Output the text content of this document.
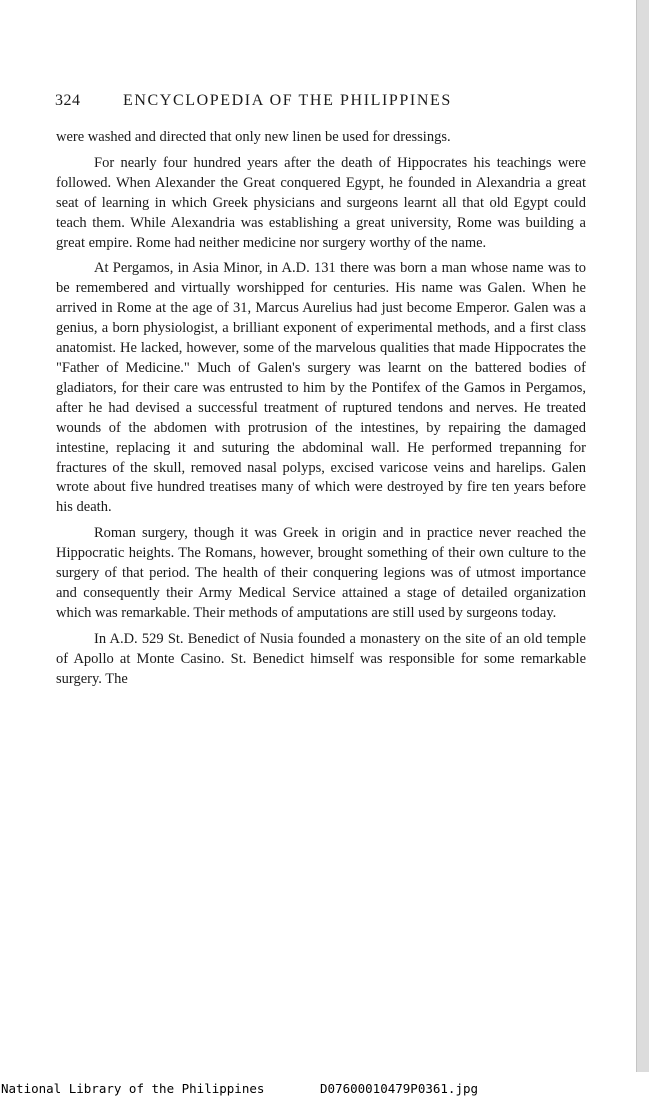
324	ENCYCLOPEDIA OF THE PHILIPPINES

were washed and directed that only new linen be used for dressings.

For nearly four hundred years after the death of Hippocrates his teachings were followed. When Alexander the Great conquered Egypt, he founded in Alexandria a great seat of learning in which Greek physicians and surgeons learnt all that old Egypt could teach them. While Alexandria was establishing a great university, Rome was building a great empire. Rome had neither medicine nor surgery worthy of the name.

At Pergamos, in Asia Minor, in A.D. 131 there was born a man whose name was to be remembered and virtually worshipped for centuries. His name was Galen. When he arrived in Rome at the age of 31, Marcus Aurelius had just become Emperor. Galen was a genius, a born physiologist, a brilliant exponent of experimental methods, and a first class anatomist. He lacked, however, some of the marvelous qualities that made Hippocrates the "Father of Medicine." Much of Galen's surgery was learnt on the battered bodies of gladiators, for their care was entrusted to him by the Pontifex of the Gamos in Pergamos, after he had devised a successful treatment of ruptured tendons and nerves. He treated wounds of the abdomen with protrusion of the intestines, by repairing the damaged intestine, replacing it and suturing the abdominal wall. He performed trepanning for fractures of the skull, removed nasal polyps, excised varicose veins and harelips. Galen wrote about five hundred treatises many of which were destroyed by fire ten years before his death.

Roman surgery, though it was Greek in origin and in practice never reached the Hippocratic heights. The Romans, however, brought something of their own culture to the surgery of that period. The health of their conquering legions was of utmost importance and consequently their Army Medical Service attained a stage of detailed organization which was remarkable. Their methods of amputations are still used by surgeons today.

In A.D. 529 St. Benedict of Nusia founded a monastery on the site of an old temple of Apollo at Monte Casino. St. Benedict himself was responsible for some remarkable surgery. The

National Library of the Philippines	D07600010479P0361.jpg
